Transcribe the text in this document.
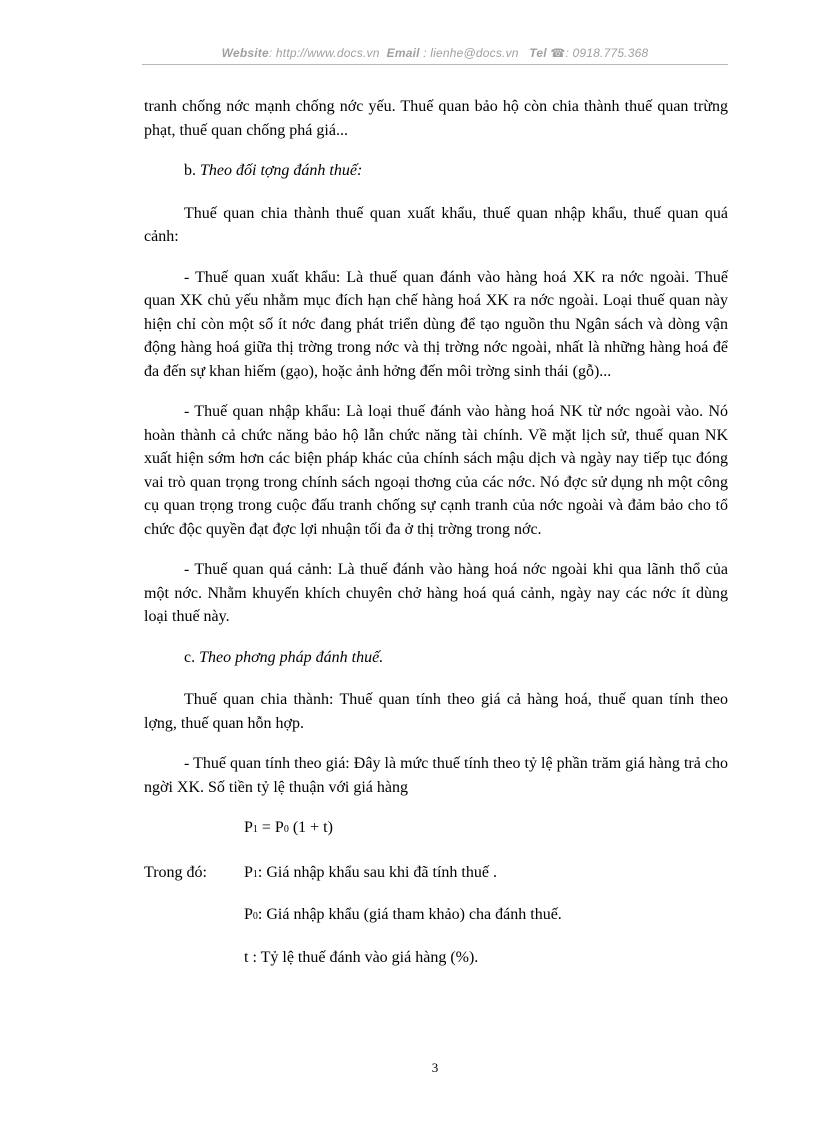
Website: http://www.docs.vn Email : lienhe@docs.vn Tel ☎: 0918.775.368

tranh chống nớc mạnh chống nớc yếu. Thuế quan bảo hộ còn chia thành thuế quan trừng phạt, thuế quan chống phá giá...

b. Theo đối tợng đánh thuế:

Thuế quan chia thành thuế quan xuất khẩu, thuế quan nhập khẩu, thuế quan quá cảnh:

- Thuế quan xuất khẩu: Là thuế quan đánh vào hàng hoá XK ra nớc ngoài. Thuế quan XK chủ yếu nhằm mục đích hạn chế hàng hoá XK ra nớc ngoài. Loại thuế quan này hiện chỉ còn một số ít nớc đang phát triển dùng để tạo nguồn thu Ngân sách và dòng vận động hàng hoá giữa thị trờng trong nớc và thị trờng nớc ngoài, nhất là những hàng hoá để đa đến sự khan hiếm (gạo), hoặc ảnh hởng đến môi trờng sinh thái (gỗ)...

- Thuế quan nhập khẩu: Là loại thuế đánh vào hàng hoá NK từ nớc ngoài vào. Nó hoàn thành cả chức năng bảo hộ lẫn chức năng tài chính. Về mặt lịch sử, thuế quan NK xuất hiện sớm hơn các biện pháp khác của chính sách mậu dịch và ngày nay tiếp tục đóng vai trò quan trọng trong chính sách ngoại thơng của các nớc. Nó đợc sử dụng nh một công cụ quan trọng trong cuộc đấu tranh chống sự cạnh tranh của nớc ngoài và đảm bảo cho tổ chức độc quyền đạt đợc lợi nhuận tối đa ở thị trờng trong nớc.

- Thuế quan quá cảnh: Là thuế đánh vào hàng hoá nớc ngoài khi qua lãnh thổ của một nớc. Nhằm khuyến khích chuyên chở hàng hoá quá cảnh, ngày nay các nớc ít dùng loại thuế này.

c. Theo phơng pháp đánh thuế.

Thuế quan chia thành: Thuế quan tính theo giá cả hàng hoá, thuế quan tính theo lợng, thuế quan hỗn hợp.

- Thuế quan tính theo giá: Đây là mức thuế tính theo tỷ lệ phần trăm giá hàng trả cho ngời XK. Số tiền tỷ lệ thuận với giá hàng

P1 = P0 (1 + t)

Trong đó:	P1: Giá nhập khẩu sau khi đã tính thuế .

P0: Giá nhập khẩu (giá tham khảo) cha đánh thuế.

t : Tỷ lệ thuế đánh vào giá hàng (%).

3
